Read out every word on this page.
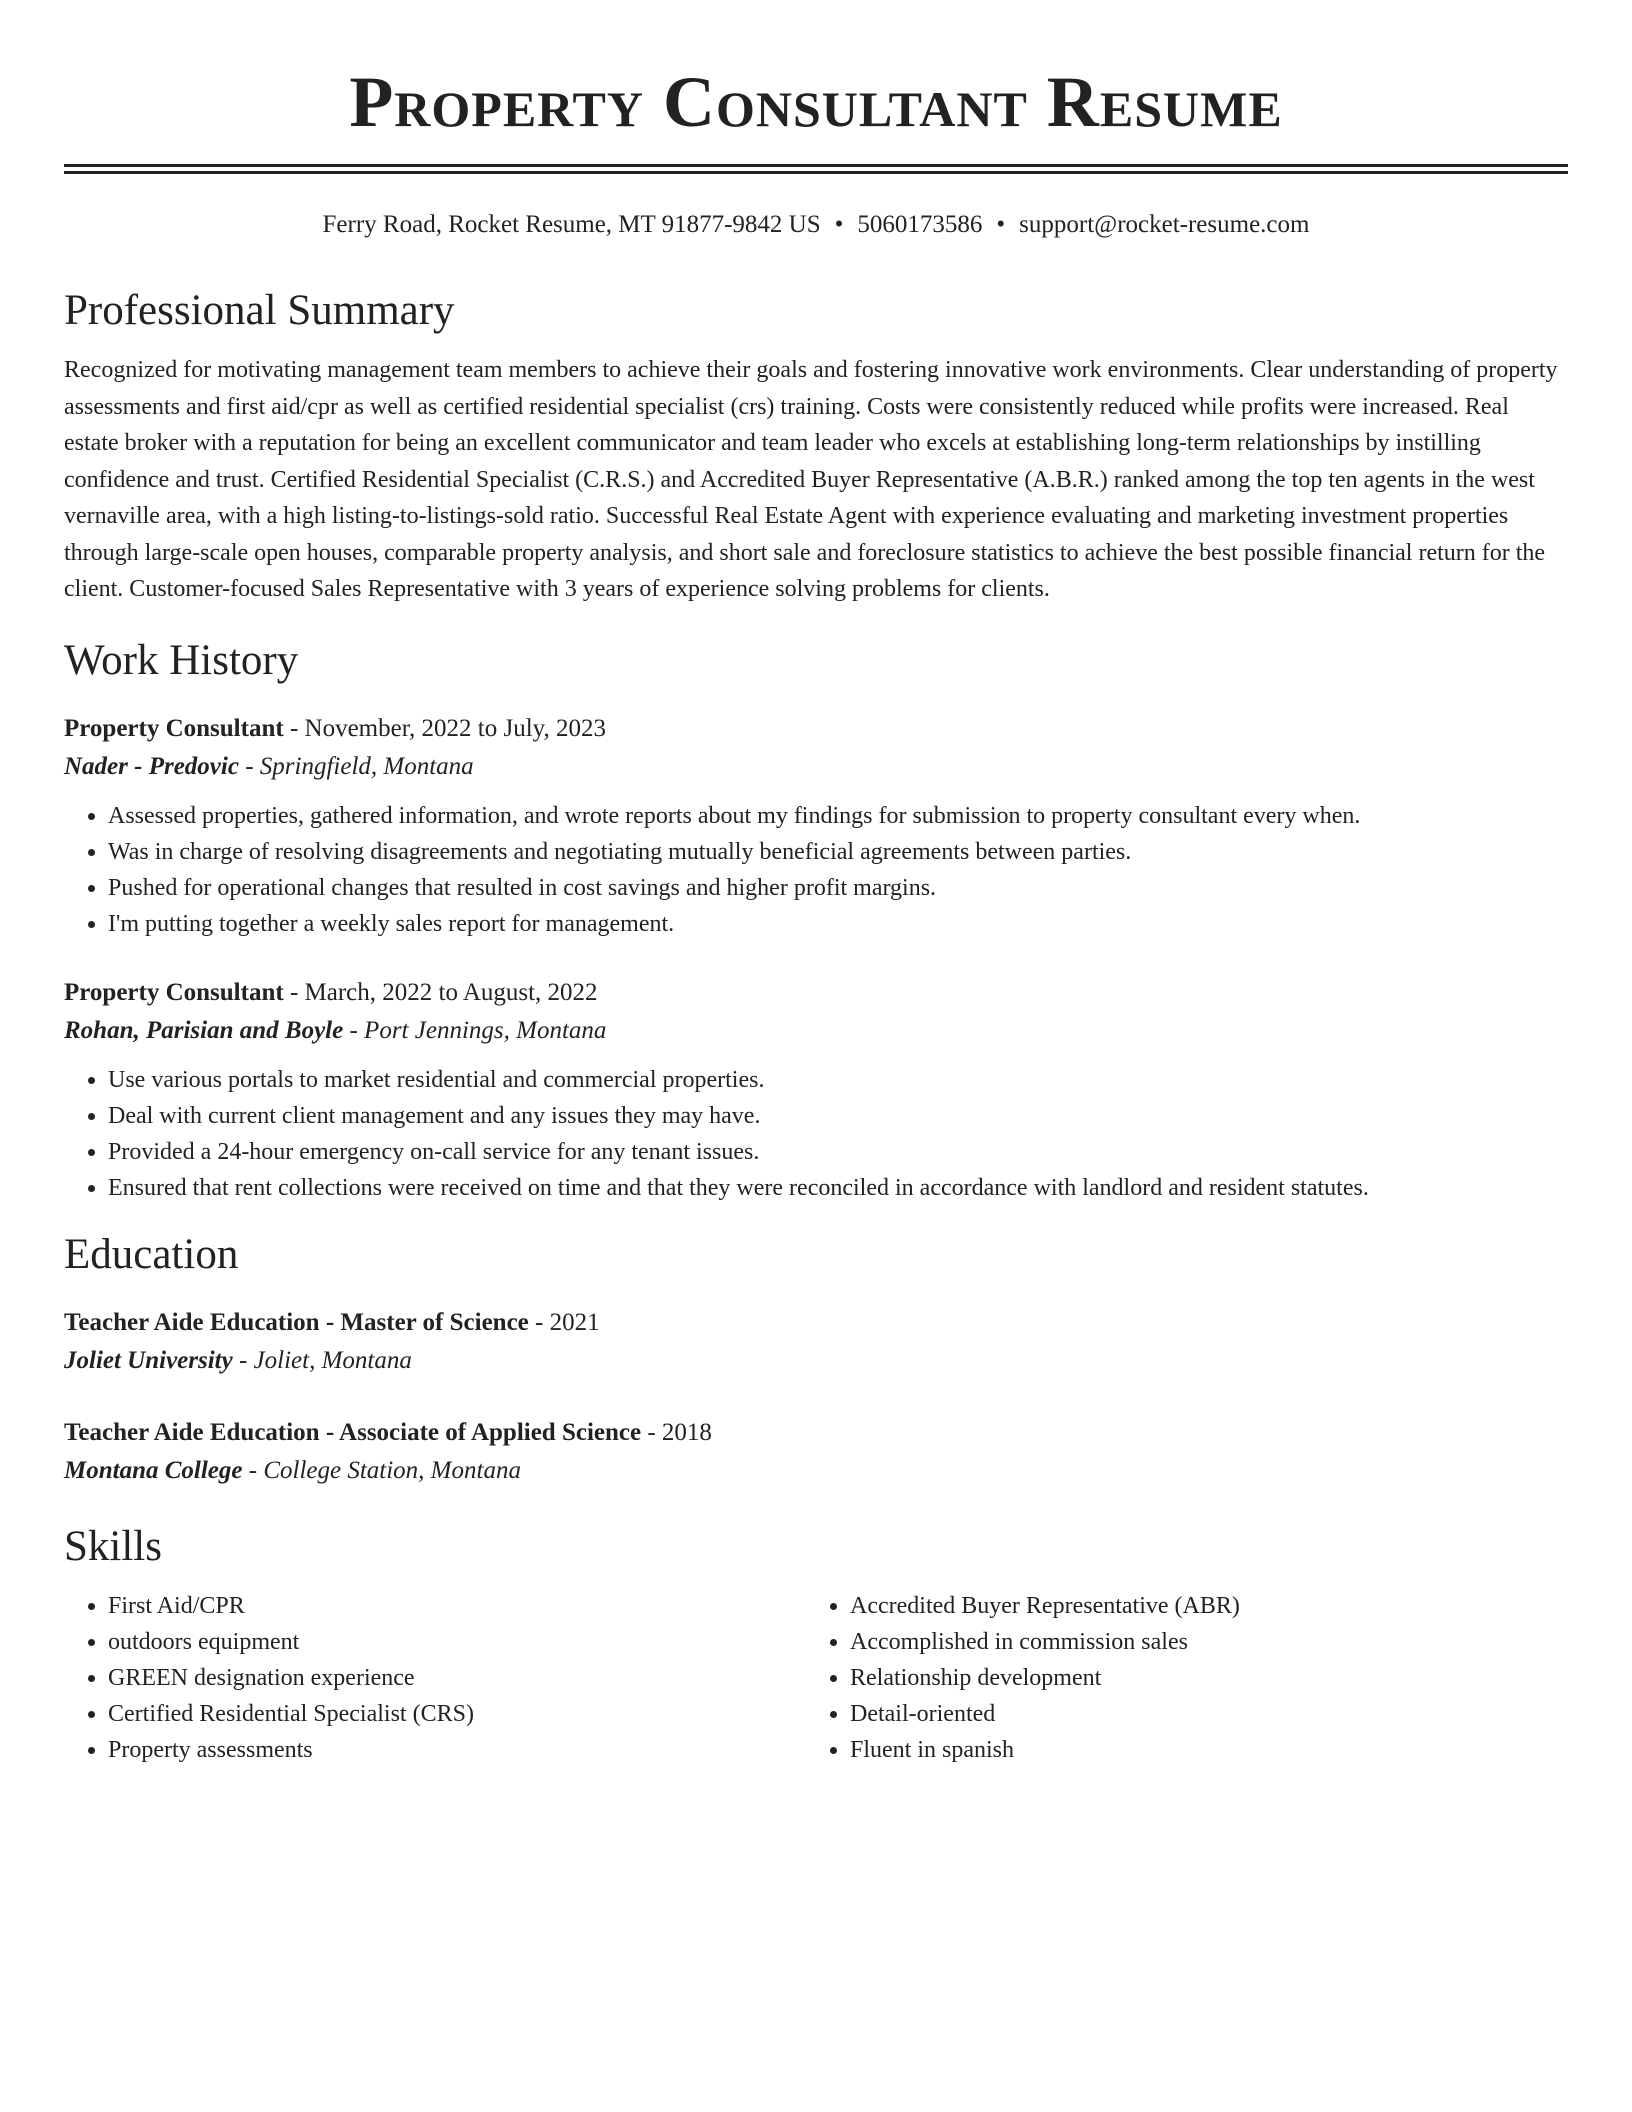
Property Consultant Resume
Ferry Road, Rocket Resume, MT 91877-9842 US • 5060173586 • support@rocket-resume.com
Professional Summary

Recognized for motivating management team members to achieve their goals and fostering innovative work environments. Clear understanding of property assessments and first aid/cpr as well as certified residential specialist (crs) training. Costs were consistently reduced while profits were increased. Real estate broker with a reputation for being an excellent communicator and team leader who excels at establishing long-term relationships by instilling confidence and trust. Certified Residential Specialist (C.R.S.) and Accredited Buyer Representative (A.B.R.) ranked among the top ten agents in the west vernaville area, with a high listing-to-listings-sold ratio. Successful Real Estate Agent with experience evaluating and marketing investment properties through large-scale open houses, comparable property analysis, and short sale and foreclosure statistics to achieve the best possible financial return for the client. Customer-focused Sales Representative with 3 years of experience solving problems for clients.

Work History
Property Consultant - November, 2022 to July, 2023
Nader - Predovic - Springfield, Montana
• Assessed properties, gathered information, and wrote reports about my findings for submission to property consultant every when.
• Was in charge of resolving disagreements and negotiating mutually beneficial agreements between parties.
• Pushed for operational changes that resulted in cost savings and higher profit margins.
• I'm putting together a weekly sales report for management.
Property Consultant - March, 2022 to August, 2022
Rohan, Parisian and Boyle - Port Jennings, Montana
• Use various portals to market residential and commercial properties.
• Deal with current client management and any issues they may have.
• Provided a 24-hour emergency on-call service for any tenant issues.
• Ensured that rent collections were received on time and that they were reconciled in accordance with landlord and resident statutes.
Education
Teacher Aide Education - Master of Science - 2021
Joliet University - Joliet, Montana
Teacher Aide Education - Associate of Applied Science - 2018
Montana College - College Station, Montana
Skills
• First Aid/CPR
• outdoors equipment
• GREEN designation experience
• Certified Residential Specialist (CRS)
• Property assessments
• Accredited Buyer Representative (ABR)
• Accomplished in commission sales
• Relationship development
• Detail-oriented
• Fluent in spanish
